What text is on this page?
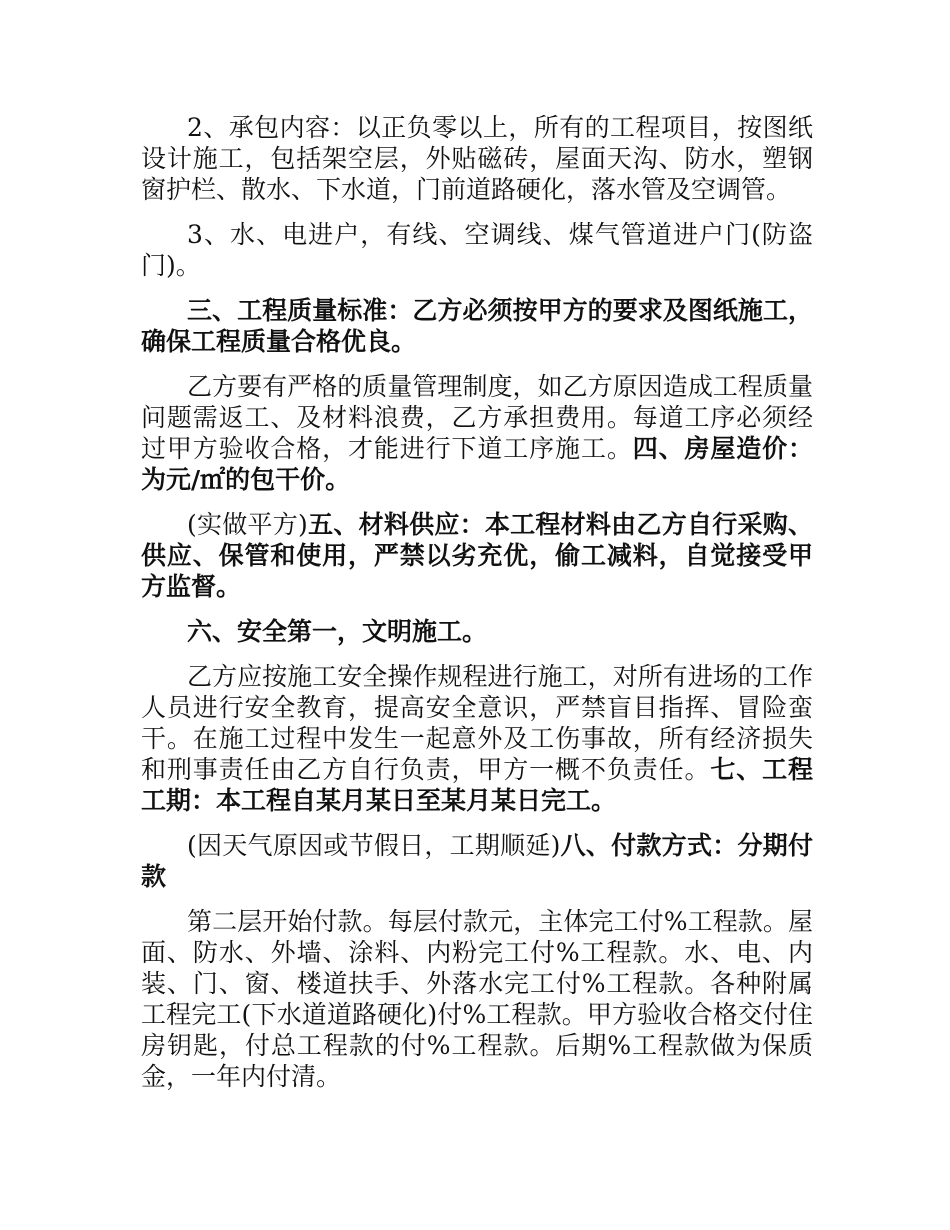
2、承包内容：以正负零以上，所有的工程项目，按图纸设计施工，包括架空层，外贴磁砖，屋面天沟、防水，塑钢窗护栏、散水、下水道，门前道路硬化，落水管及空调管。

3、水、电进户，有线、空调线、煤气管道进户门(防盗门)。

三、工程质量标准：乙方必须按甲方的要求及图纸施工，确保工程质量合格优良。

乙方要有严格的质量管理制度，如乙方原因造成工程质量问题需返工、及材料浪费，乙方承担费用。每道工序必须经过甲方验收合格，才能进行下道工序施工。四、房屋造价：为元/㎡的包干价。

(实做平方)五、材料供应：本工程材料由乙方自行采购、供应、保管和使用，严禁以劣充优，偷工减料，自觉接受甲方监督。

六、安全第一，文明施工。

乙方应按施工安全操作规程进行施工，对所有进场的工作人员进行安全教育，提高安全意识，严禁盲目指挥、冒险蛮干。在施工过程中发生一起意外及工伤事故，所有经济损失和刑事责任由乙方自行负责，甲方一概不负责任。七、工程工期：本工程自某月某日至某月某日完工。

(因天气原因或节假日，工期顺延)八、付款方式：分期付款

第二层开始付款。每层付款元，主体完工付%工程款。屋面、防水、外墙、涂料、内粉完工付%工程款。水、电、内装、门、窗、楼道扶手、外落水完工付%工程款。各种附属工程完工(下水道道路硬化)付%工程款。甲方验收合格交付住房钥匙，付总工程款的付%工程款。后期%工程款做为保质金，一年内付清。
